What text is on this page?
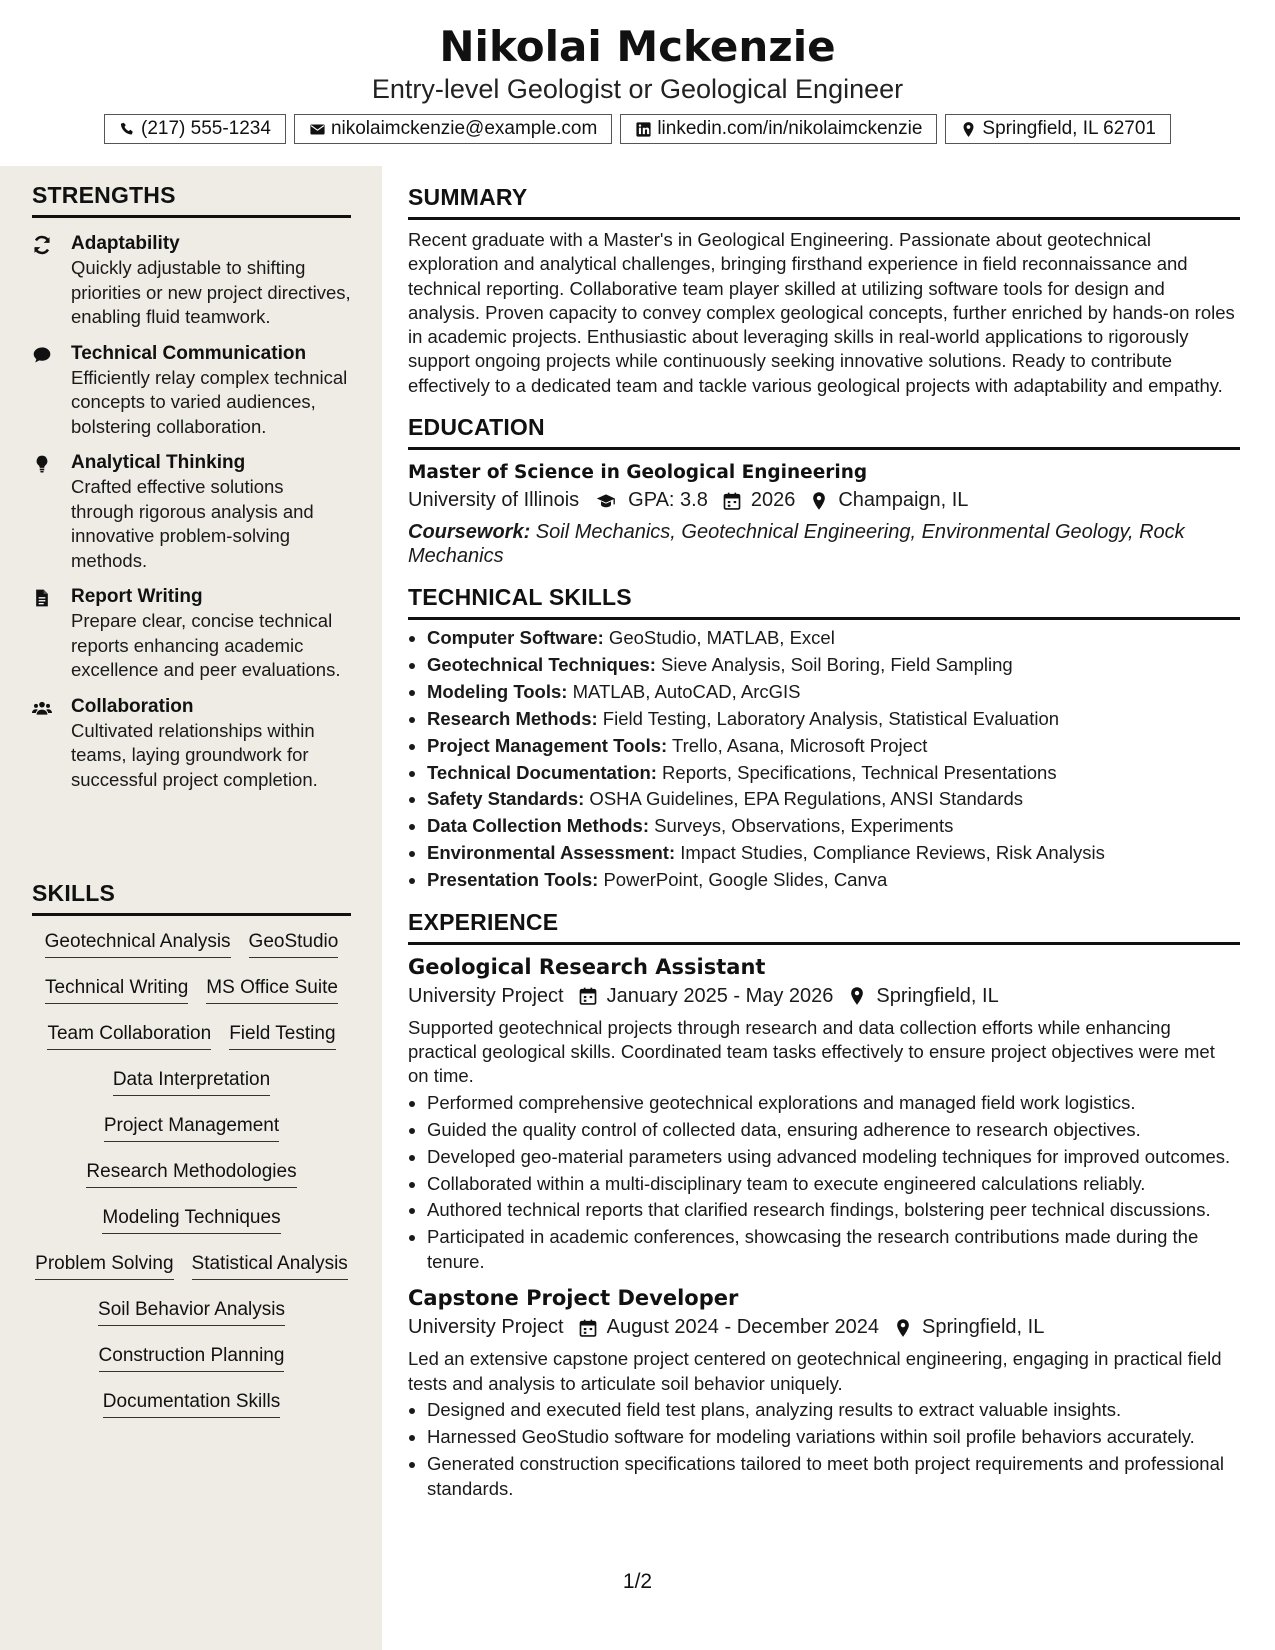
Nikolai Mckenzie
Entry-level Geologist or Geological Engineer
(217) 555-1234	nikolaimckenzie@example.com	linkedin.com/in/nikolaimckenzie	Springfield, IL 62701
STRENGTHS
Adaptability
Quickly adjustable to shifting priorities or new project directives, enabling fluid teamwork.
Technical Communication
Efficiently relay complex technical concepts to varied audiences, bolstering collaboration.
Analytical Thinking
Crafted effective solutions through rigorous analysis and innovative problem-solving methods.
Report Writing
Prepare clear, concise technical reports enhancing academic excellence and peer evaluations.
Collaboration
Cultivated relationships within teams, laying groundwork for successful project completion.
SKILLS
Geotechnical Analysis GeoStudio
Technical Writing MS Office Suite
Team Collaboration Field Testing
Data Interpretation
Project Management
Research Methodologies
Modeling Techniques
Problem Solving Statistical Analysis
Soil Behavior Analysis
Construction Planning
Documentation Skills
SUMMARY
Recent graduate with a Master's in Geological Engineering. Passionate about geotechnical exploration and analytical challenges, bringing firsthand experience in field reconnaissance and technical reporting. Collaborative team player skilled at utilizing software tools for design and analysis. Proven capacity to convey complex geological concepts, further enriched by hands-on roles in academic projects. Enthusiastic about leveraging skills in real-world applications to rigorously support ongoing projects while continuously seeking innovative solutions. Ready to contribute effectively to a dedicated team and tackle various geological projects with adaptability and empathy.
EDUCATION
Master of Science in Geological Engineering
University of Illinois GPA: 3.8 2026 Champaign, IL
Coursework: Soil Mechanics, Geotechnical Engineering, Environmental Geology, Rock Mechanics
TECHNICAL SKILLS
• Computer Software: GeoStudio, MATLAB, Excel
• Geotechnical Techniques: Sieve Analysis, Soil Boring, Field Sampling
• Modeling Tools: MATLAB, AutoCAD, ArcGIS
• Research Methods: Field Testing, Laboratory Analysis, Statistical Evaluation
• Project Management Tools: Trello, Asana, Microsoft Project
• Technical Documentation: Reports, Specifications, Technical Presentations
• Safety Standards: OSHA Guidelines, EPA Regulations, ANSI Standards
• Data Collection Methods: Surveys, Observations, Experiments
• Environmental Assessment: Impact Studies, Compliance Reviews, Risk Analysis
• Presentation Tools: PowerPoint, Google Slides, Canva
EXPERIENCE
Geological Research Assistant
University Project January 2025 - May 2026 Springfield, IL
Supported geotechnical projects through research and data collection efforts while enhancing practical geological skills. Coordinated team tasks effectively to ensure project objectives were met on time.
• Performed comprehensive geotechnical explorations and managed field work logistics.
• Guided the quality control of collected data, ensuring adherence to research objectives.
• Developed geo-material parameters using advanced modeling techniques for improved outcomes.
• Collaborated within a multi-disciplinary team to execute engineered calculations reliably.
• Authored technical reports that clarified research findings, bolstering peer technical discussions.
• Participated in academic conferences, showcasing the research contributions made during the tenure.
Capstone Project Developer
University Project August 2024 - December 2024 Springfield, IL
Led an extensive capstone project centered on geotechnical engineering, engaging in practical field tests and analysis to articulate soil behavior uniquely.
• Designed and executed field test plans, analyzing results to extract valuable insights.
• Harnessed GeoStudio software for modeling variations within soil profile behaviors accurately.
• Generated construction specifications tailored to meet both project requirements and professional standards.
1/2
